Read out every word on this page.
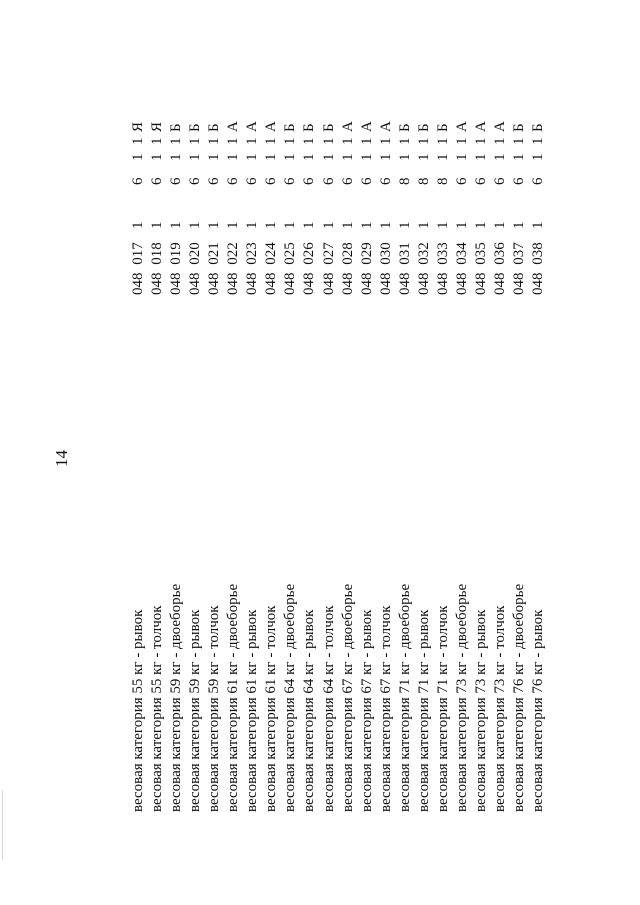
14
весовая категория 55 кг - рывок
048 017
1
6
1
1
Я
весовая категория 55 кг - толчок
048 018
1
6
1
1
Я
весовая категория 59 кг - двоеборье
048 019
1
6
1
1
Б
весовая категория 59 кг - рывок
048 020
1
6
1
1
Б
весовая категория 59 кг - толчок
048 021
1
6
1
1
Б
весовая категория 61 кг - двоеборье
048 022
1
6
1
1
А
весовая категория 61 кг - рывок
048 023
1
6
1
1
А
весовая категория 61 кг - толчок
048 024
1
6
1
1
А
весовая категория 64 кг - двоеборье
048 025
1
6
1
1
Б
весовая категория 64 кг - рывок
048 026
1
6
1
1
Б
весовая категория 64 кг - толчок
048 027
1
6
1
1
Б
весовая категория 67 кг - двоеборье
048 028
1
6
1
1
А
весовая категория 67 кг - рывок
048 029
1
6
1
1
А
весовая категория 67 кг - толчок
048 030
1
6
1
1
А
весовая категория 71 кг - двоеборье
048 031
1
8
1
1
Б
весовая категория 71 кг - рывок
048 032
1
8
1
1
Б
весовая категория 71 кг - толчок
048 033
1
8
1
1
Б
весовая категория 73 кг - двоеборье
048 034
1
6
1
1
А
весовая категория 73 кг - рывок
048 035
1
6
1
1
А
весовая категория 73 кг - толчок
048 036
1
6
1
1
А
весовая категория 76 кг - двоеборье
048 037
1
6
1
1
Б
весовая категория 76 кг - рывок
048 038
1
6
1
1
Б
